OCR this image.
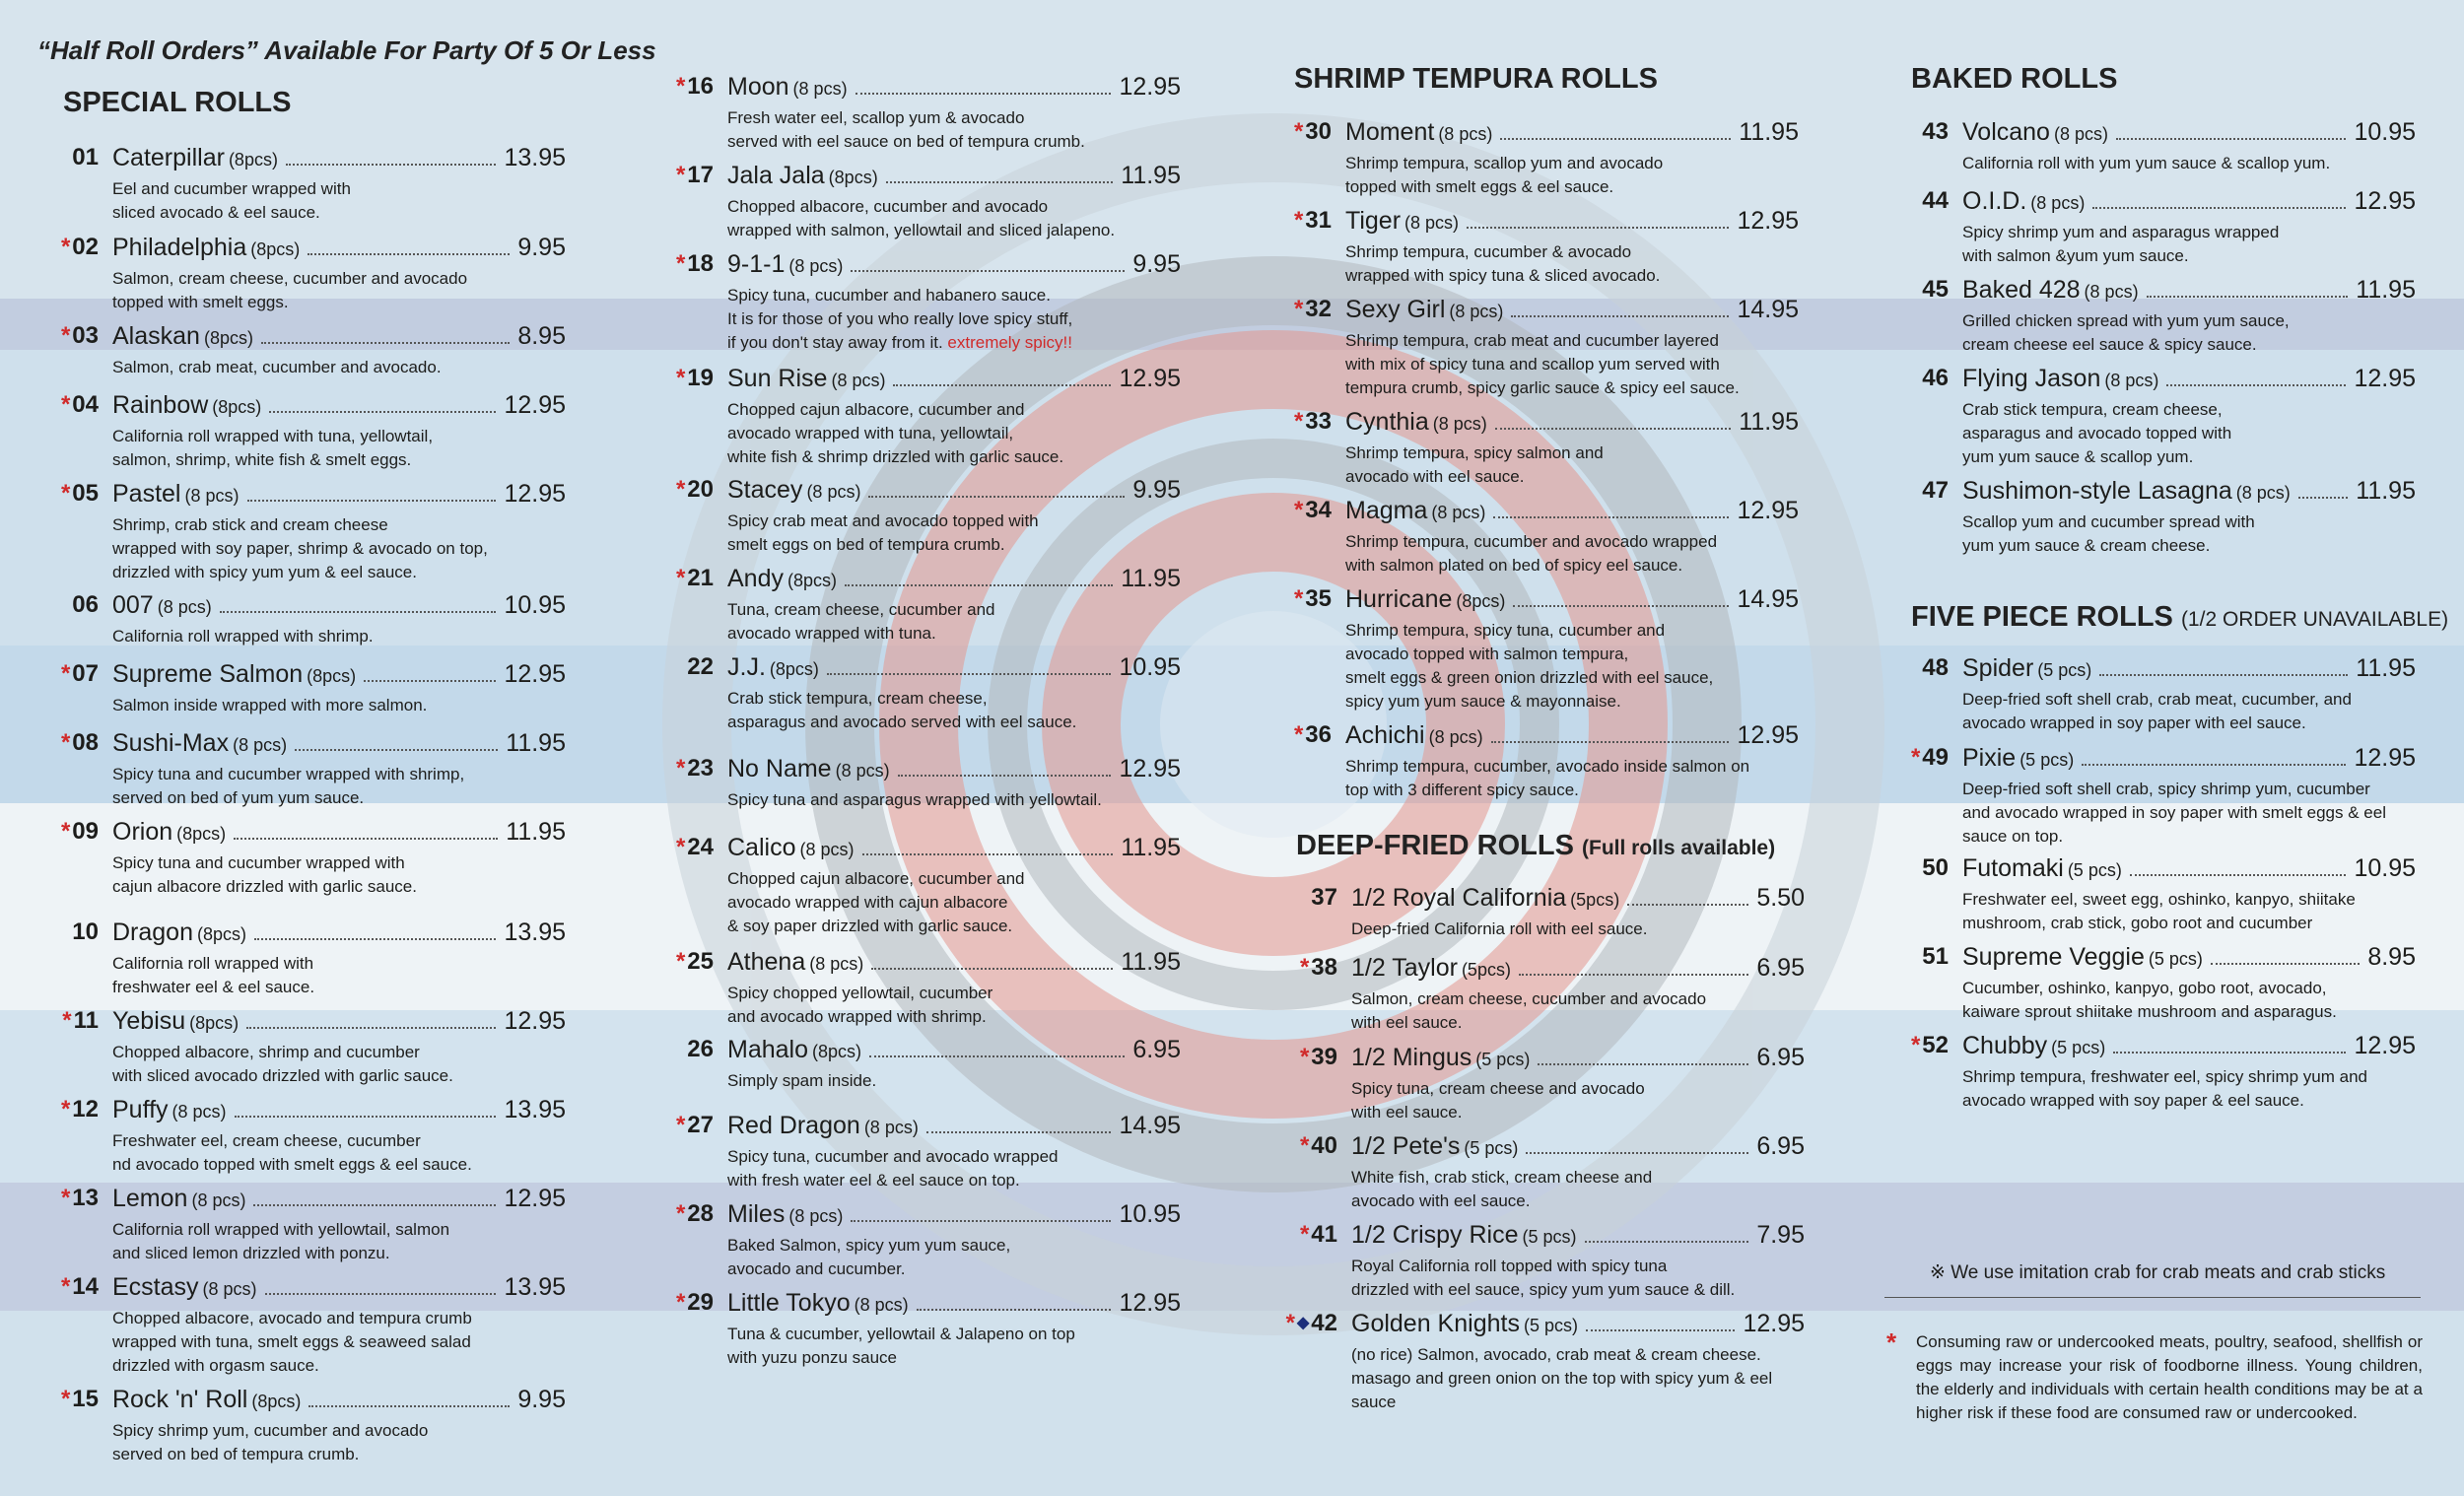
“Half Roll Orders” Available For Party Of 5 Or Less
SPECIAL ROLLS
01 Caterpillar (8pcs)	13.95
Eel and cucumber wrapped with
sliced avocado & eel sauce.
*02 Philadelphia (8pcs)	9.95
Salmon, cream cheese, cucumber and avocado
topped with smelt eggs.
*03 Alaskan (8pcs)	8.95
Salmon, crab meat, cucumber and avocado.
*04 Rainbow (8pcs)	12.95
California roll wrapped with tuna, yellowtail,
salmon, shrimp, white fish & smelt eggs.
*05 Pastel (8 pcs)	12.95
Shrimp, crab stick and cream cheese
wrapped with soy paper, shrimp & avocado on top,
drizzled with spicy yum yum & eel sauce.
06 007 (8 pcs)	10.95
California roll wrapped with shrimp.
*07 Supreme Salmon (8pcs)	12.95
Salmon inside wrapped with more salmon.
*08 Sushi-Max (8 pcs)	11.95
Spicy tuna and cucumber wrapped with shrimp,
served on bed of yum yum sauce.
*09 Orion (8pcs)	11.95
Spicy tuna and cucumber wrapped with
cajun albacore drizzled with garlic sauce.
10 Dragon (8pcs)	13.95
California roll wrapped with
freshwater eel & eel sauce.
*11 Yebisu (8pcs)	12.95
Chopped albacore, shrimp and cucumber
with sliced avocado drizzled with garlic sauce.
*12 Puffy (8 pcs)	13.95
Freshwater eel, cream cheese, cucumber
nd avocado topped with smelt eggs & eel sauce.
*13 Lemon (8 pcs)	12.95
California roll wrapped with yellowtail, salmon
and sliced lemon drizzled with ponzu.
*14 Ecstasy (8 pcs)	13.95
Chopped albacore, avocado and tempura crumb
wrapped with tuna, smelt eggs & seaweed salad
drizzled with orgasm sauce.
*15 Rock 'n' Roll (8pcs)	9.95
Spicy shrimp yum, cucumber and avocado
served on bed of tempura crumb.
*16 Moon (8 pcs)	12.95
Fresh water eel, scallop yum & avocado
served with eel sauce on bed of tempura crumb.
*17 Jala Jala (8pcs)	11.95
Chopped albacore, cucumber and avocado
wrapped with salmon, yellowtail and sliced jalapeno.
*18 9-1-1 (8 pcs)	9.95
Spicy tuna, cucumber and habanero sauce.
It is for those of you who really love spicy stuff,
if you don't stay away from it. extremely spicy!!
*19 Sun Rise (8 pcs)	12.95
Chopped cajun albacore, cucumber and
avocado wrapped with tuna, yellowtail,
white fish & shrimp drizzled with garlic sauce.
*20 Stacey (8 pcs)	9.95
Spicy crab meat and avocado topped with
smelt eggs on bed of tempura crumb.
*21 Andy (8pcs)	11.95
Tuna, cream cheese, cucumber and
avocado wrapped with tuna.
22 J.J. (8pcs)	10.95
Crab stick tempura, cream cheese,
asparagus and avocado served with eel sauce.
*23 No Name (8 pcs)	12.95
Spicy tuna and asparagus wrapped with yellowtail.
*24 Calico (8 pcs)	11.95
Chopped cajun albacore, cucumber and
avocado wrapped with cajun albacore
& soy paper drizzled with garlic sauce.
*25 Athena (8 pcs)	11.95
Spicy chopped yellowtail, cucumber
and avocado wrapped with shrimp.
26 Mahalo (8pcs)	6.95
Simply spam inside.
*27 Red Dragon (8 pcs)	14.95
Spicy tuna, cucumber and avocado wrapped
with fresh water eel & eel sauce on top.
*28 Miles (8 pcs)	10.95
Baked Salmon, spicy yum yum sauce,
avocado and cucumber.
*29 Little Tokyo (8 pcs)	12.95
Tuna & cucumber, yellowtail & Jalapeno on top
with yuzu ponzu sauce
SHRIMP TEMPURA ROLLS
*30 Moment (8 pcs)	11.95
Shrimp tempura, scallop yum and avocado
topped with smelt eggs & eel sauce.
*31 Tiger (8 pcs)	12.95
Shrimp tempura, cucumber & avocado
wrapped with spicy tuna & sliced avocado.
*32 Sexy Girl (8 pcs)	14.95
Shrimp tempura, crab meat and cucumber layered
with mix of spicy tuna and scallop yum served with
tempura crumb, spicy garlic sauce & spicy eel sauce.
*33 Cynthia (8 pcs)	11.95
Shrimp tempura, spicy salmon and
avocado with eel sauce.
*34 Magma (8 pcs)	12.95
Shrimp tempura, cucumber and avocado wrapped
with salmon plated on bed of spicy eel sauce.
*35 Hurricane (8pcs)	14.95
Shrimp tempura, spicy tuna, cucumber and
avocado topped with salmon tempura,
smelt eggs & green onion drizzled with eel sauce,
spicy yum yum sauce & mayonnaise.
*36 Achichi (8 pcs)	12.95
Shrimp tempura, cucumber, avocado inside salmon on
top with 3 different spicy sauce.
DEEP-FRIED ROLLS (Full rolls available)
37 1/2 Royal California (5pcs)	5.50
Deep-fried California roll with eel sauce.
*38 1/2 Taylor (5pcs)	6.95
Salmon, cream cheese, cucumber and avocado
with eel sauce.
*39 1/2 Mingus (5 pcs)	6.95
Spicy tuna, cream cheese and avocado
with eel sauce.
*40 1/2 Pete's (5 pcs)	6.95
White fish, crab stick, cream cheese and
avocado with eel sauce.
*41 1/2 Crispy Rice (5 pcs)	7.95
Royal California roll topped with spicy tuna
drizzled with eel sauce, spicy yum yum sauce & dill.
* ◆42 Golden Knights (5 pcs)	12.95
(no rice) Salmon, avocado, crab meat & cream cheese.
masago and green onion on the top with spicy yum & eel
sauce
BAKED ROLLS
43 Volcano (8 pcs)	10.95
California roll with yum yum sauce & scallop yum.
44 O.I.D. (8 pcs)	12.95
Spicy shrimp yum and asparagus wrapped
with salmon &yum yum sauce.
45 Baked 428 (8 pcs)	11.95
Grilled chicken spread with yum yum sauce,
cream cheese eel sauce & spicy sauce.
46 Flying Jason (8 pcs)	12.95
Crab stick tempura, cream cheese,
asparagus and avocado topped with
yum yum sauce & scallop yum.
47 Sushimon-style Lasagna (8 pcs)	11.95
Scallop yum and cucumber spread with
yum yum sauce & cream cheese.
FIVE PIECE ROLLS (1/2 ORDER UNAVAILABLE)
48 Spider (5 pcs)	11.95
Deep-fried soft shell crab, crab meat, cucumber, and
avocado wrapped in soy paper with eel sauce.
*49 Pixie (5 pcs)	12.95
Deep-fried soft shell crab, spicy shrimp yum, cucumber
and avocado wrapped in soy paper with smelt eggs & eel
sauce on top.
50 Futomaki (5 pcs)	10.95
Freshwater eel, sweet egg, oshinko, kanpyo, shiitake
mushroom, crab stick, gobo root and cucumber
51 Supreme Veggie (5 pcs)	8.95
Cucumber, oshinko, kanpyo, gobo root, avocado,
kaiware sprout shiitake mushroom and asparagus.
*52 Chubby (5 pcs)	12.95
Shrimp tempura, freshwater eel, spicy shrimp yum and
avocado wrapped with soy paper & eel sauce.
※ We use imitation crab for crab meats and crab sticks
* Consuming raw or undercooked meats, poultry, seafood, shellfish or eggs may increase your risk of foodborne illness. Young children, the elderly and individuals with certain health conditions may be at a higher risk if these food are consumed raw or undercooked.
